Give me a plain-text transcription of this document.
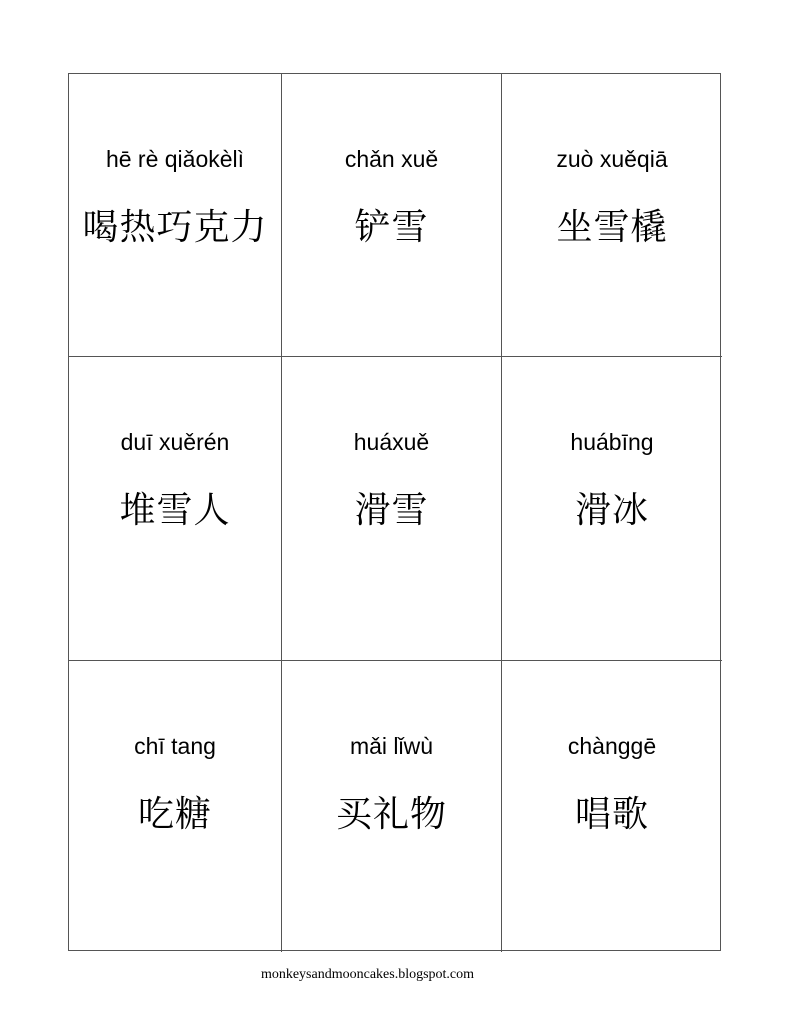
hē rè qiǎokèlì
喝热巧克力
chǎn xuě
铲雪
zuò xuěqiā
坐雪橇
duī xuěrén
堆雪人
huáxuě
滑雪
huábīng
滑冰
chī tang
吃糖
mǎi lǐwù
买礼物
chànggē
唱歌
monkeysandmooncakes.blogspot.com
